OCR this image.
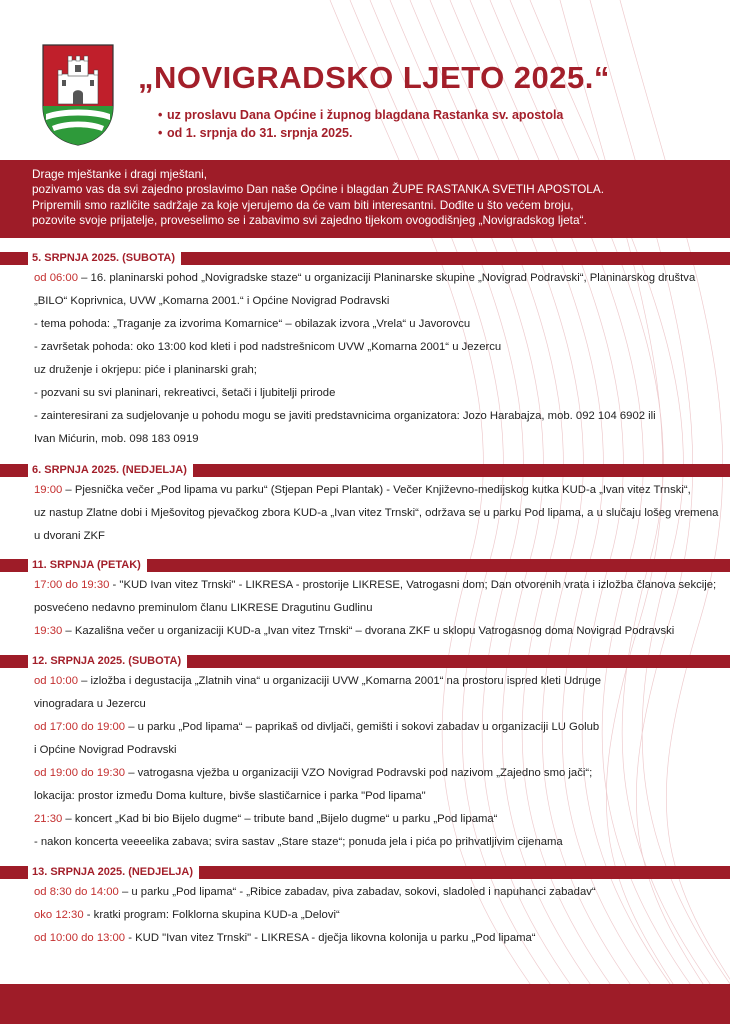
„NOVIGRADSKO LJETO 2025.“
• uz proslavu Dana Općine i župnog blagdana Rastanka sv. apostola
• od 1. srpnja do 31. srpnja 2025.
Drage mještanke i dragi mještani,
pozivamo vas da svi zajedno proslavimo Dan naše Općine i blagdan ŽUPE RASTANKA SVETIH APOSTOLA.
Pripremili smo različite sadržaje za koje vjerujemo da će vam biti interesantni. Dođite u što većem broju,
pozovite svoje prijatelje, proveselimo se i zabavimo svi zajedno tijekom ovogodišnjeg „Novigradskog ljeta“.
5. SRPNJA 2025. (SUBOTA)
od 06:00 – 16. planinarski pohod „Novigradske staze“ u organizaciji Planinarske skupine „Novigrad Podravski“, Planinarskog društva
„BILO“ Koprivnica, UVW „Komarna 2001.“ i Općine Novigrad Podravski
- tema pohoda: „Traganje za izvorima Komarnice“ – obilazak izvora „Vrela“ u Javorovcu
- završetak pohoda: oko 13:00 kod kleti i pod nadstrešnicom UVW „Komarna 2001“ u Jezercu
uz druženje i okrjepu: piće i planinarski grah;
- pozvani su svi planinari, rekreativci, šetači i ljubitelji prirode
- zainteresirani za sudjelovanje u pohodu mogu se javiti predstavnicima organizatora: Jozo Harabajza, mob. 092 104 6902 ili
Ivan Mićurin, mob. 098 183 0919
6. SRPNJA 2025. (NEDJELJA)
19:00 – Pjesnička večer „Pod lipama vu parku“ (Stjepan Pepi Plantak) - Večer Književno-medijskog kutka KUD-a „Ivan vitez Trnski“,
uz nastup Zlatne dobi i Mješovitog pjevačkog zbora KUD-a „Ivan vitez Trnski“, održava se u parku Pod lipama, a u slučaju lošeg vremena
u dvorani ZKF
11. SRPNJA (PETAK)
17:00 do 19:30 - "KUD Ivan vitez Trnski" - LIKRESA - prostorije LIKRESE, Vatrogasni dom; Dan otvorenih vrata i izložba članova sekcije;
posvećeno nedavno preminulom članu LIKRESE Dragutinu Gudlinu
19:30 – Kazališna večer u organizaciji KUD-a „Ivan vitez Trnski“ – dvorana ZKF u sklopu Vatrogasnog doma Novigrad Podravski
12. SRPNJA 2025. (SUBOTA)
od 10:00 – izložba i degustacija „Zlatnih vina“ u organizaciji UVW „Komarna 2001“ na prostoru ispred kleti Udruge
vinogradara u Jezercu
od 17:00 do 19:00 – u parku „Pod lipama“ – paprikaš od divljači, gemišti i sokovi zabadav u organizaciji LU Golub
i Općine Novigrad Podravski
od 19:00 do 19:30 – vatrogasna vježba u organizaciji VZO Novigrad Podravski pod nazivom „Zajedno smo jači“;
lokacija: prostor između Doma kulture, bivše slastičarnice i parka "Pod lipama"
21:30 – koncert „Kad bi bio Bijelo dugme“ – tribute band „Bijelo dugme“ u parku „Pod lipama“
- nakon koncerta veeeelika zabava; svira sastav „Stare staze“; ponuda jela i pića po prihvatljivim cijenama
13. SRPNJA 2025. (NEDJELJA)
od 8:30 do 14:00 – u parku „Pod lipama“ - „Ribice zabadav, piva zabadav, sokovi, sladoled i napuhanci zabadav“
oko 12:30 - kratki program: Folklorna skupina KUD-a „Delovi“
od 10:00 do 13:00 - KUD "Ivan vitez Trnski" - LIKRESA - dječja likovna kolonija u parku „Pod lipama“
